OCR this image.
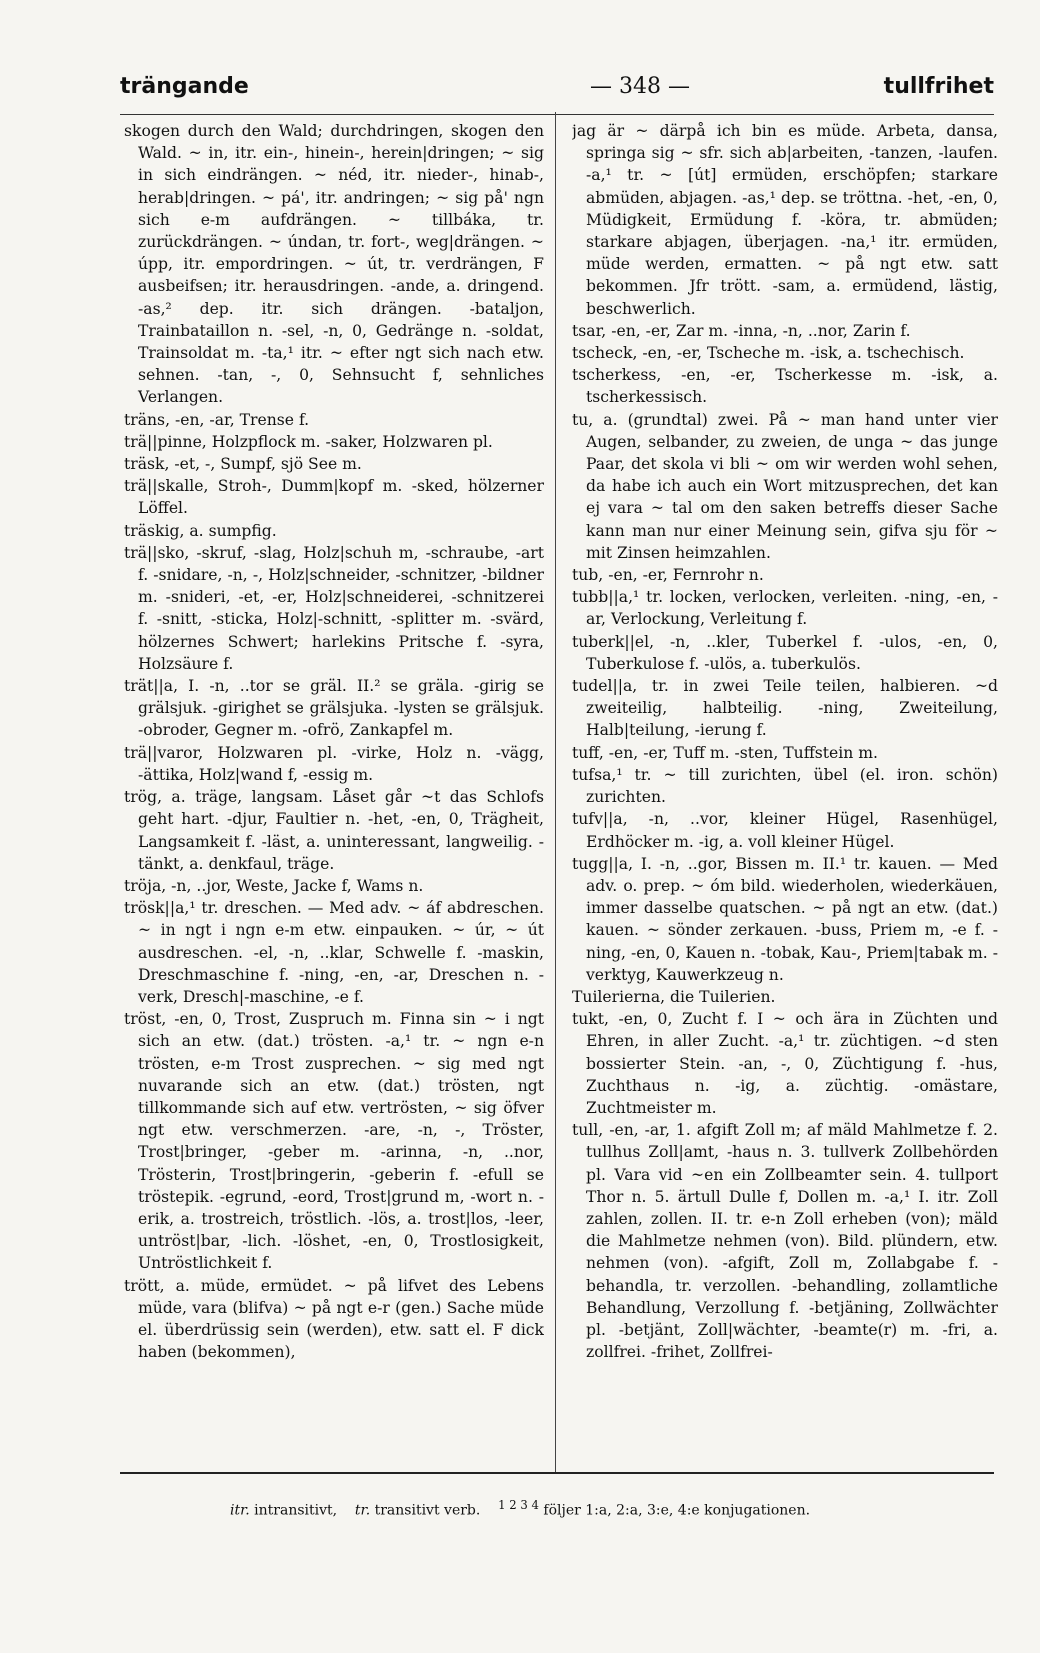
trängande	— 348 —	tullfrihet

skogen durch den Wald; durchdringen, skogen den Wald. ~ in, itr. ein-, hinein-, herein|dringen; ~ sig in sich eindrängen. ~ néd, itr. nieder-, hinab-, herab|dringen. ~ pá', itr. andringen; ~ sig på' ngn sich e-m aufdrängen. ~ tillbáka, tr. zurückdrängen. ~ úndan, tr. fort-, weg|drängen. ~ úpp, itr. empordringen. ~ út, tr. verdrängen, F ausbeifsen; itr. herausdringen. -ande, a. dringend. -as,² dep. itr. sich drängen. -bataljon, Trainbataillon n. -sel, -n, 0, Gedränge n. -soldat, Trainsoldat m. -ta,¹ itr. ~ efter ngt sich nach etw. sehnen. -tan, -, 0, Sehnsucht f, sehnliches Verlangen.

träns, -en, -ar, Trense f.

trä||pinne, Holzpflock m. -saker, Holzwaren pl.

träsk, -et, -, Sumpf, sjö See m.

trä||skalle, Stroh-, Dumm|kopf m. -sked, hölzerner Löffel.

träskig, a. sumpfig.

trä||sko, -skruf, -slag, Holz|schuh m, -schraube, -art f. -snidare, -n, -, Holz|schneider, -schnitzer, -bildner m. -snideri, -et, -er, Holz|schneiderei, -schnitzerei f. -snitt, -sticka, Holz|-schnitt, -splitter m. -svärd, hölzernes Schwert; harlekins Pritsche f. -syra, Holzsäure f.

trät||a, I. -n, ..tor se gräl. II.² se gräla. -girig se grälsjuk. -girighet se grälsjuka. -lysten se grälsjuk. -obroder, Gegner m. -ofrö, Zankapfel m.

trä||varor, Holzwaren pl. -virke, Holz n. -vägg, -ättika, Holz|wand f, -essig m.

trög, a. träge, langsam. Låset går ~t das Schlofs geht hart. -djur, Faultier n. -het, -en, 0, Trägheit, Langsamkeit f. -läst, a. uninteressant, langweilig. -tänkt, a. denkfaul, träge.

tröja, -n, ..jor, Weste, Jacke f, Wams n.

trösk||a,¹ tr. dreschen. — Med adv. ~ áf abdreschen. ~ in ngt i ngn e-m etw. einpauken. ~ úr, ~ út ausdreschen. -el, -n, ..klar, Schwelle f. -maskin, Dreschmaschine f. -ning, -en, -ar, Dreschen n. -verk, Dresch|-maschine, -e f.

tröst, -en, 0, Trost, Zuspruch m. Finna sin ~ i ngt sich an etw. (dat.) trösten. -a,¹ tr. ~ ngn e-n trösten, e-m Trost zusprechen. ~ sig med ngt nuvarande sich an etw. (dat.) trösten, ngt tillkommande sich auf etw. vertrösten, ~ sig öfver ngt etw. verschmerzen. -are, -n, -, Tröster, Trost|bringer, -geber m. -arinna, -n, ..nor, Trösterin, Trost|bringerin, -geberin f. -efull se tröstерik. -egrund, -eord, Trost|grund m, -wort n. -erik, a. trostreich, tröstlich. -lös, a. trost|los, -leer, untröst|bar, -lich. -löshet, -en, 0, Trostlosigkeit, Untröstlichkeit f.

trött, a. müde, ermüdet. ~ på lifvet des Lebens müde, vara (blifva) ~ på ngt e-r (gen.) Sache müde el. überdrüssig sein (werden), etw. satt el. F dick haben (bekommen),

jag är ~ därpå ich bin es müde. Arbeta, dansa, springa sig ~ sfr. sich ab|arbeiten, -tanzen, -laufen. -a,¹ tr. ~ [út] ermüden, erschöpfen; starkare abmüden, abjagen. -as,¹ dep. se tröttna. -het, -en, 0, Müdigkeit, Ermüdung f. -köra, tr. abmüden; starkare abjagen, überjagen. -na,¹ itr. ermüden, müde werden, ermatten. ~ på ngt etw. satt bekommen. Jfr trött. -sam, a. ermüdend, lästig, beschwerlich.

tsar, -en, -er, Zar m. -inna, -n, ..nor, Zarin f.

tscheck, -en, -er, Tscheche m. -isk, a. tschechisch.

tscherkess, -en, -er, Tscherkesse m. -isk, a. tscherkessisch.

tu, a. (grundtal) zwei. På ~ man hand unter vier Augen, selbander, zu zweien, de unga ~ das junge Paar, det skola vi bli ~ om wir werden wohl sehen, da habe ich auch ein Wort mitzusprechen, det kan ej vara ~ tal om den saken betreffs dieser Sache kann man nur einer Meinung sein, gifva sju för ~ mit Zinsen heimzahlen.

tub, -en, -er, Fernrohr n.

tubb||a,¹ tr. locken, verlocken, verleiten. -ning, -en, -ar, Verlockung, Verleitung f.

tuberk||el, -n, ..kler, Tuberkel f. -ulos, -en, 0, Tuberkulose f. -ulös, a. tuberkulös.

tudel||a, tr. in zwei Teile teilen, halbieren. ~d zweiteilig, halbteilig. -ning, Zweiteilung, Halb|teilung, -ierung f.

tuff, -en, -er, Tuff m. -sten, Tuffstein m.

tufsa,¹ tr. ~ till zurichten, übel (el. iron. schön) zurichten.

tufv||a, -n, ..vor, kleiner Hügel, Rasenhügel, Erdhöcker m. -ig, a. voll kleiner Hügel.

tugg||a, I. -n, ..gor, Bissen m. II.¹ tr. kauen. — Med adv. o. prep. ~ óm bild. wiederholen, wiederkäuen, immer dasselbe quatschen. ~ på ngt an etw. (dat.) kauen. ~ sönder zerkauen. -buss, Priem m, -e f. -ning, -en, 0, Kauen n. -tobak, Kau-, Priem|tabak m. -verktyg, Kauwerkzeug n.

Tuilerierna, die Tuilerien.

tukt, -en, 0, Zucht f. I ~ och ära in Züchten und Ehren, in aller Zucht. -a,¹ tr. züchtigen. ~d sten bossierter Stein. -an, -, 0, Züchtigung f. -hus, Zuchthaus n. -ig, a. züchtig. -omästare, Zuchtmeister m.

tull, -en, -ar, 1. afgift Zoll m; af mäld Mahlmetze f. 2. tullhus Zoll|amt, -haus n. 3. tullverk Zollbehörden pl. Vara vid ~en ein Zollbeamter sein. 4. tullport Thor n. 5. ärtull Dulle f, Dollen m. -a,¹ I. itr. Zoll zahlen, zollen. II. tr. e-n Zoll erheben (von); mäld die Mahlmetze nehmen (von). Bild. plündern, etw. nehmen (von). -afgift, Zoll m, Zollabgabe f. -behandla, tr. verzollen. -behandling, zollamtliche Behandlung, Verzollung f. -betjäning, Zollwächter pl. -betjänt, Zoll|wächter, -beamte(r) m. -fri, a. zollfrei. -frihet, Zollfrei-

itr. intransitivt, tr. transitivt verb. $^{1 2 3 4}$ följer 1:a, 2:a, 3:e, 4:e konjugationen.
